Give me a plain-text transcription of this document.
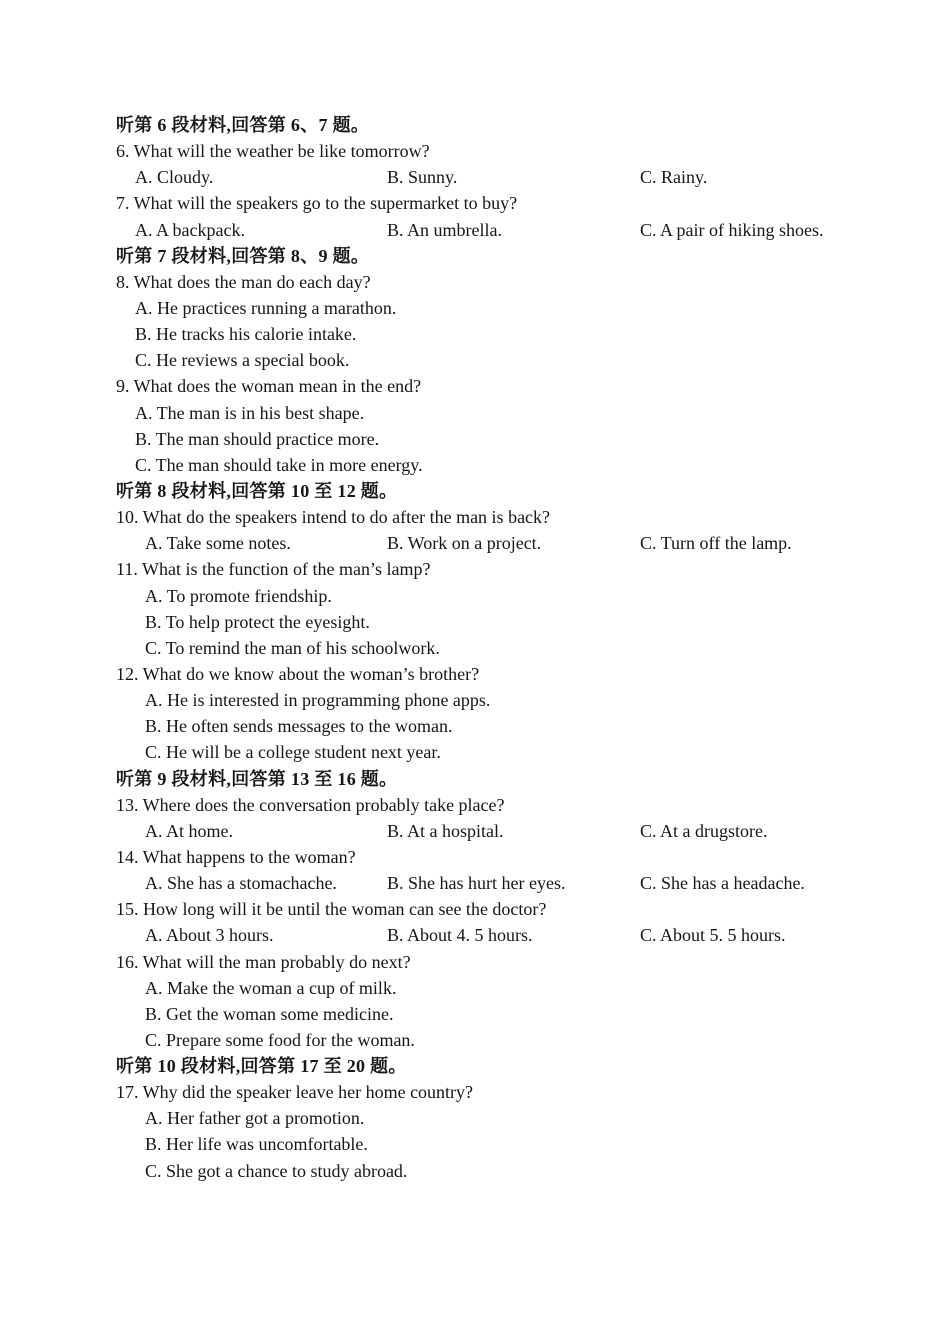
听第 6 段材料,回答第 6、7 题。
6. What will the weather be like tomorrow?
A. Cloudy.	B. Sunny.	C. Rainy.
7. What will the speakers go to the supermarket to buy?
A. A backpack.	B. An umbrella.	C. A pair of hiking shoes.
听第 7 段材料,回答第 8、9 题。
8. What does the man do each day?
A. He practices running a marathon.
B. He tracks his calorie intake.
C. He reviews a special book.
9. What does the woman mean in the end?
A. The man is in his best shape.
B. The man should practice more.
C. The man should take in more energy.
听第 8 段材料,回答第 10 至 12 题。
10. What do the speakers intend to do after the man is back?
A. Take some notes.	B. Work on a project.	C. Turn off the lamp.
11. What is the function of the man’s lamp?
A. To promote friendship.
B. To help protect the eyesight.
C. To remind the man of his schoolwork.
12. What do we know about the woman’s brother?
A. He is interested in programming phone apps.
B. He often sends messages to the woman.
C. He will be a college student next year.
听第 9 段材料,回答第 13 至 16 题。
13. Where does the conversation probably take place?
A. At home.	B. At a hospital.	C. At a drugstore.
14. What happens to the woman?
A. She has a stomachache.	B. She has hurt her eyes.	C. She has a headache.
15. How long will it be until the woman can see the doctor?
A. About 3 hours.	B. About 4. 5 hours.	C. About 5. 5 hours.
16. What will the man probably do next?
A. Make the woman a cup of milk.
B. Get the woman some medicine.
C. Prepare some food for the woman.
听第 10 段材料,回答第 17 至 20 题。
17. Why did the speaker leave her home country?
A. Her father got a promotion.
B. Her life was uncomfortable.
C. She got a chance to study abroad.
